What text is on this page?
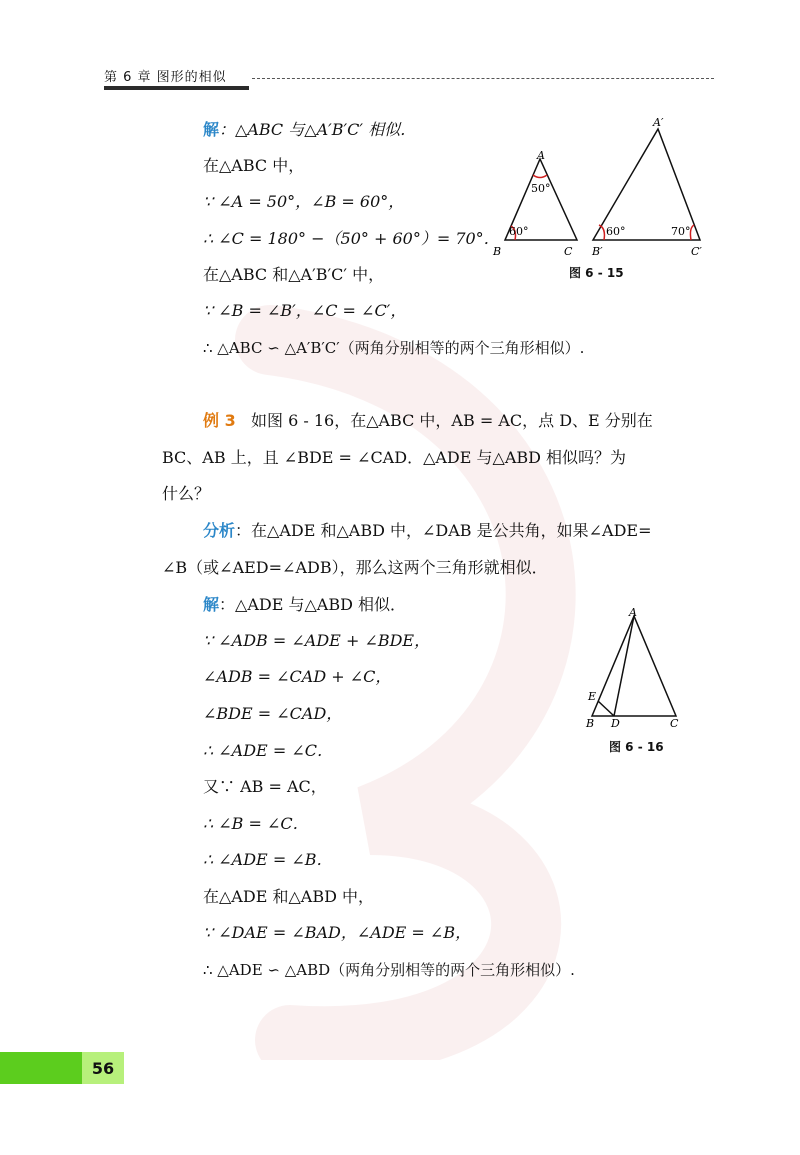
第 6 章 图形的相似
解：△ABC 与△A′B′C′ 相似．
在△ABC 中，
∵ ∠A = 50°，∠B = 60°，
∴ ∠C = 180° −（50° + 60°）= 70°．
在△ABC 和△A′B′C′ 中，
∵ ∠B = ∠B′，∠C = ∠C′，
∴ △ABC ∽ △A′B′C′（两角分别相等的两个三角形相似）.
A
B	C
50°
60°
A′
B′	C′
60°	70°
图 6 - 15
例 3 如图 6 - 16，在△ABC 中，AB = AC，点 D、E 分别在
BC、AB 上，且 ∠BDE = ∠CAD．△ADE 与△ABD 相似吗？为
什么？
分析：在△ADE 和△ABD 中，∠DAB 是公共角，如果∠ADE=
∠B（或∠AED=∠ADB），那么这两个三角形就相似．
解：△ADE 与△ABD 相似．
∵ ∠ADB = ∠ADE + ∠BDE，
∠ADB = ∠CAD + ∠C，
∠BDE = ∠CAD，
∴ ∠ADE = ∠C．
又∵ AB = AC，
∴ ∠B = ∠C．
∴ ∠ADE = ∠B．
在△ADE 和△ABD 中，
∵ ∠DAE = ∠BAD，∠ADE = ∠B，
∴ △ADE ∽ △ABD（两角分别相等的两个三角形相似）.
A
E
B D	C
图 6 - 16
56
